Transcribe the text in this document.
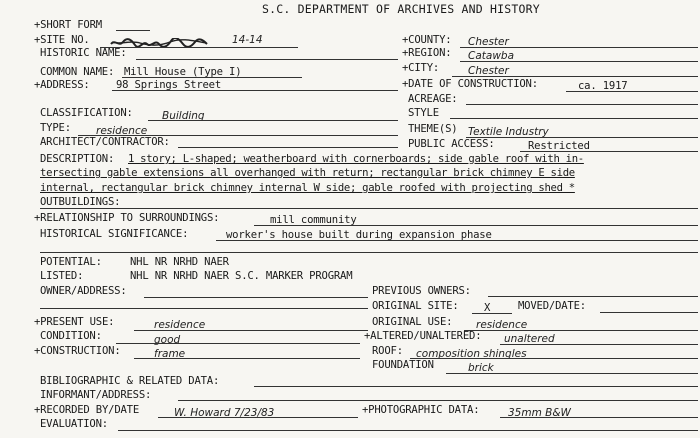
S.C. DEPARTMENT OF ARCHIVES AND HISTORY
+SHORT FORM
+SITE NO.	14-14
HISTORIC NAME:
COMMON NAME: Mill House (Type I)
+ADDRESS: 98 Springs Street
+COUNTY: Chester
+REGION: Catawba
+CITY:	Chester
+DATE OF CONSTRUCTION:	ca. 1917
ACREAGE:
CLASSIFICATION:	Building	STYLE
TYPE: residence	THEME(S) Textile Industry
ARCHITECT/CONTRACTOR:	PUBLIC ACCESS:	Restricted
DESCRIPTION: 1 story; L-shaped; weatherboard with cornerboards; side gable roof with in-
tersecting gable extensions all overhanged with return; rectangular brick chimney E side
internal, rectangular brick chimney internal W side; gable roofed with projecting shed *
OUTBUILDINGS:
+RELATIONSHIP TO SURROUNDINGS:	mill community
HISTORICAL SIGNIFICANCE:	worker's house built during expansion phase
POTENTIAL:	NHL NR NRHD NAER
LISTED:	NHL NR NRHD NAER S.C. MARKER PROGRAM
OWNER/ADDRESS:	PREVIOUS OWNERS:
ORIGINAL SITE: X	MOVED/DATE:
+PRESENT USE:	residence	ORIGINAL USE: residence
CONDITION:	good	+ALTERED/UNALTERED: unaltered
+CONSTRUCTION:	frame	ROOF: composition shingles
FOUNDATION	brick
BIBLIOGRAPHIC & RELATED DATA:
INFORMANT/ADDRESS:
+RECORDED BY/DATE	W. Howard 7/23/83	+PHOTOGRAPHIC DATA:	35mm B&W
EVALUATION:
